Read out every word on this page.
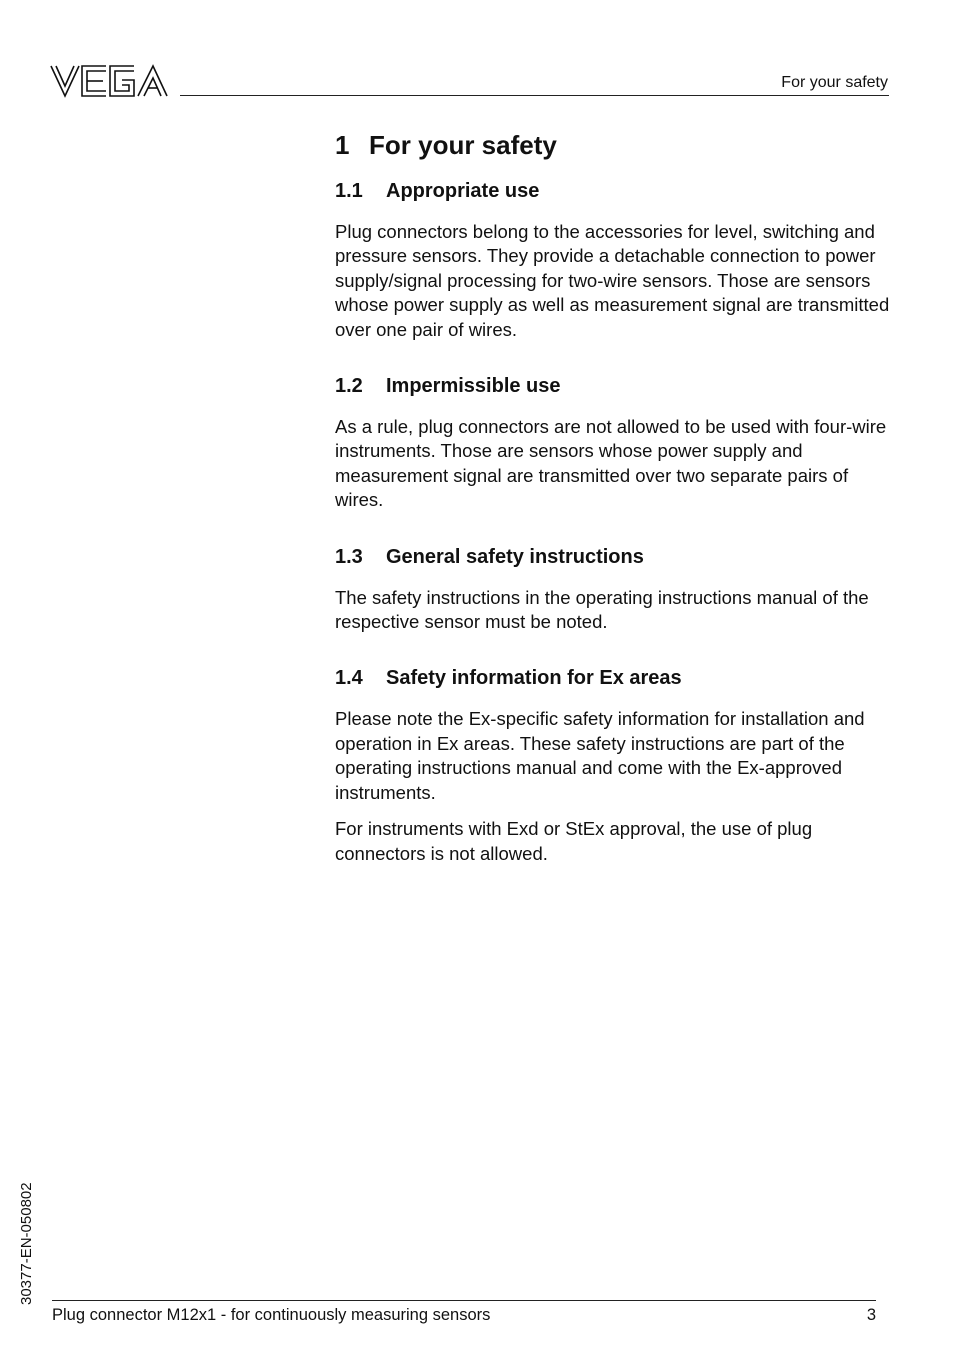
For your safety
1 For your safety
1.1 Appropriate use

Plug connectors belong to the accessories for level, switching and pressure sensors. They provide a detachable connection to power supply/signal processing for two-wire sensors. Those are sensors whose power supply as well as measurement signal are transmitted over one pair of wires.

1.2 Impermissible use

As a rule, plug connectors are not allowed to be used with four-wire instruments. Those are sensors whose power supply and measurement signal are transmitted over two separate pairs of wires.

1.3 General safety instructions

The safety instructions in the operating instructions manual of the respective sensor must be noted.

1.4 Safety information for Ex areas

Please note the Ex-specific safety information for installation and operation in Ex areas. These safety instructions are part of the operating instructions manual and come with the Ex-approved instruments.

For instruments with Exd or StEx approval, the use of plug connectors is not allowed.

30377-EN-050802
Plug connector M12x1 - for continuously measuring sensors	3
